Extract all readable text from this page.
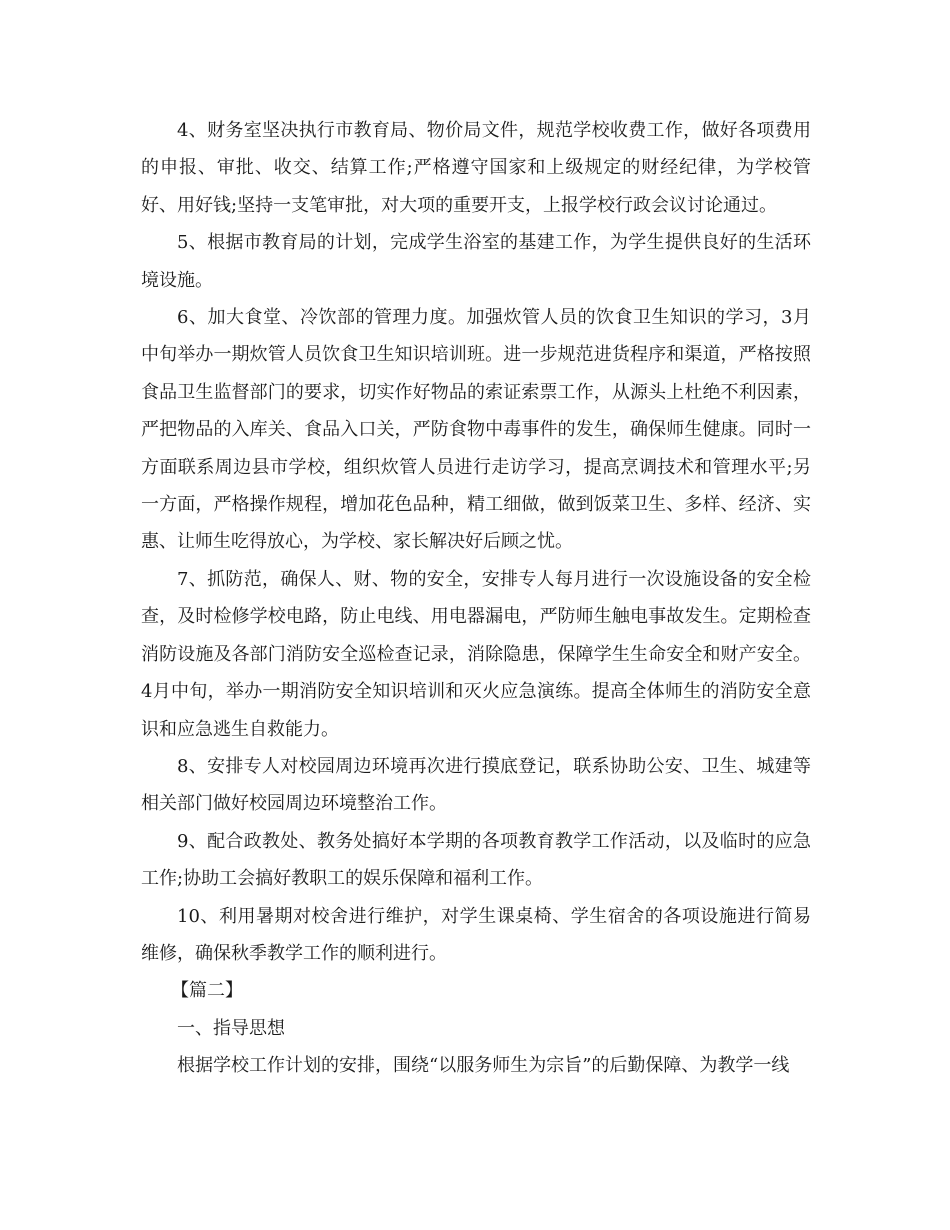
4、财务室坚决执行市教育局、物价局文件，规范学校收费工作，做好各项费用的申报、审批、收交、结算工作;严格遵守国家和上级规定的财经纪律，为学校管好、用好钱;坚持一支笔审批，对大项的重要开支，上报学校行政会议讨论通过。

5、根据市教育局的计划，完成学生浴室的基建工作，为学生提供良好的生活环境设施。

6、加大食堂、冷饮部的管理力度。加强炊管人员的饮食卫生知识的学习，3月中旬举办一期炊管人员饮食卫生知识培训班。进一步规范进货程序和渠道，严格按照食品卫生监督部门的要求，切实作好物品的索证索票工作，从源头上杜绝不利因素，严把物品的入库关、食品入口关，严防食物中毒事件的发生，确保师生健康。同时一方面联系周边县市学校，组织炊管人员进行走访学习，提高烹调技术和管理水平;另一方面，严格操作规程，增加花色品种，精工细做，做到饭菜卫生、多样、经济、实惠、让师生吃得放心，为学校、家长解决好后顾之忧。

7、抓防范，确保人、财、物的安全，安排专人每月进行一次设施设备的安全检查，及时检修学校电路，防止电线、用电器漏电，严防师生触电事故发生。定期检查消防设施及各部门消防安全巡检查记录，消除隐患，保障学生生命安全和财产安全。4月中旬，举办一期消防安全知识培训和灭火应急演练。提高全体师生的消防安全意识和应急逃生自救能力。

8、安排专人对校园周边环境再次进行摸底登记，联系协助公安、卫生、城建等相关部门做好校园周边环境整治工作。

9、配合政教处、教务处搞好本学期的各项教育教学工作活动，以及临时的应急工作;协助工会搞好教职工的娱乐保障和福利工作。

10、利用暑期对校舍进行维护，对学生课桌椅、学生宿舍的各项设施进行简易维修，确保秋季教学工作的顺利进行。

【篇二】

一、指导思想

根据学校工作计划的安排，围绕“以服务师生为宗旨”的后勤保障、为教学一线
